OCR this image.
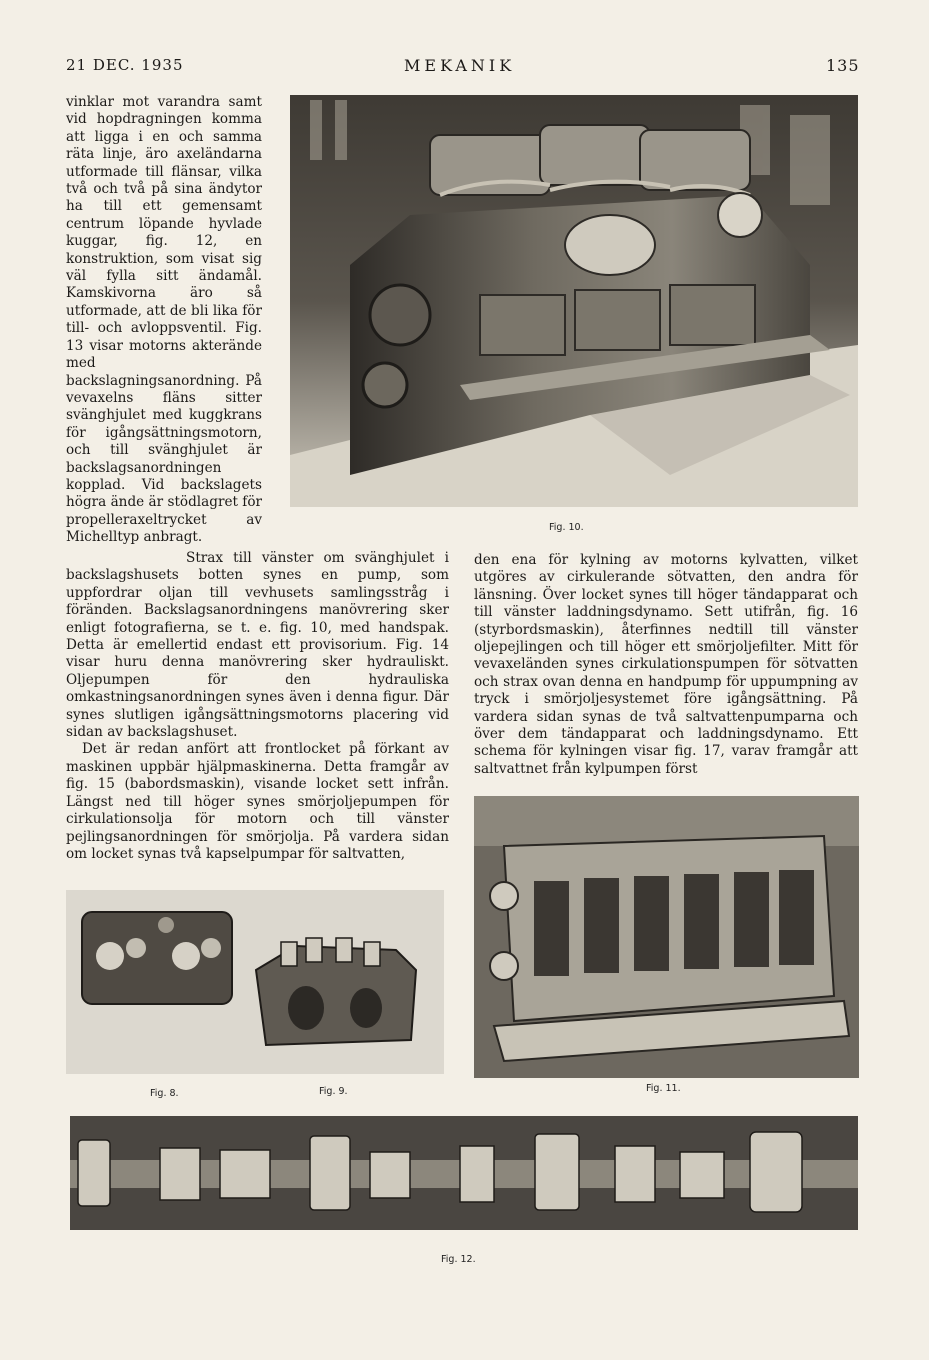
21 DEC. 1935	MEKANIK	135

vinklar mot varandra samt vid hopdragningen komma att ligga i en och samma räta linje, äro axeländarna utformade till flänsar, vilka två och två på sina ändytor ha till ett gemensamt centrum löpande hyvlade kuggar, fig. 12, en konstruktion, som visat sig väl fylla sitt ändamål. Kamskivorna äro så utformade, att de bli lika för till- och avloppsventil. Fig. 13 visar motorns akterände med backslagningsanordning. På vevaxelns fläns sitter svänghjulet med kuggkrans för igångsättningsmotorn, och till svänghjulet är backslagsanordningen kopplad. Vid backslagets högra ände är stödlagret för propelleraxeltrycket av Michelltyp anbragt.

Fig. 10.

Strax till vänster om svänghjulet i backslagshusets botten synes en pump, som uppfordrar oljan till vevhusets samlingsstråg i föränden. Backslagsanordningens manövrering sker enligt fotografierna, se t. e. fig. 10, med handspak. Detta är emellertid endast ett provisorium. Fig. 14 visar huru denna manövrering sker hydrauliskt. Oljepumpen för den hydrauliska omkastningsanordningen synes även i denna figur. Där synes slutligen igångsättningsmotorns placering vid sidan av backslagshuset.

Det är redan anfört att frontlocket på förkant av maskinen uppbär hjälpmaskinerna. Detta framgår av fig. 15 (babordsmaskin), visande locket sett infrån. Längst ned till höger synes smörjoljepumpen för cirkulationsolja för motorn och till vänster pejlingsanordningen för smörjolja. På vardera sidan om locket synas två kapselpumpar för saltvatten,

den ena för kylning av motorns kylvatten, vilket utgöres av cirkulerande sötvatten, den andra för länsning. Över locket synes till höger tändapparat och till vänster laddningsdynamo. Sett utifrån, fig. 16 (styrbordsmaskin), återfinnes nedtill till vänster oljepejlingen och till höger ett smörjoljefilter. Mitt för vevaxeländen synes cirkulationspumpen för sötvatten och strax ovan denna en handpump för uppumpning av tryck i smörjoljesystemet före igångsättning. På vardera sidan synas de två saltvattenpumparna och över dem tändapparat och laddningsdynamo. Ett schema för kylningen visar fig. 17, varav framgår att saltvattnet från kylpumpen först

Fig. 8.	Fig. 9.	Fig. 11.
Fig. 12.
